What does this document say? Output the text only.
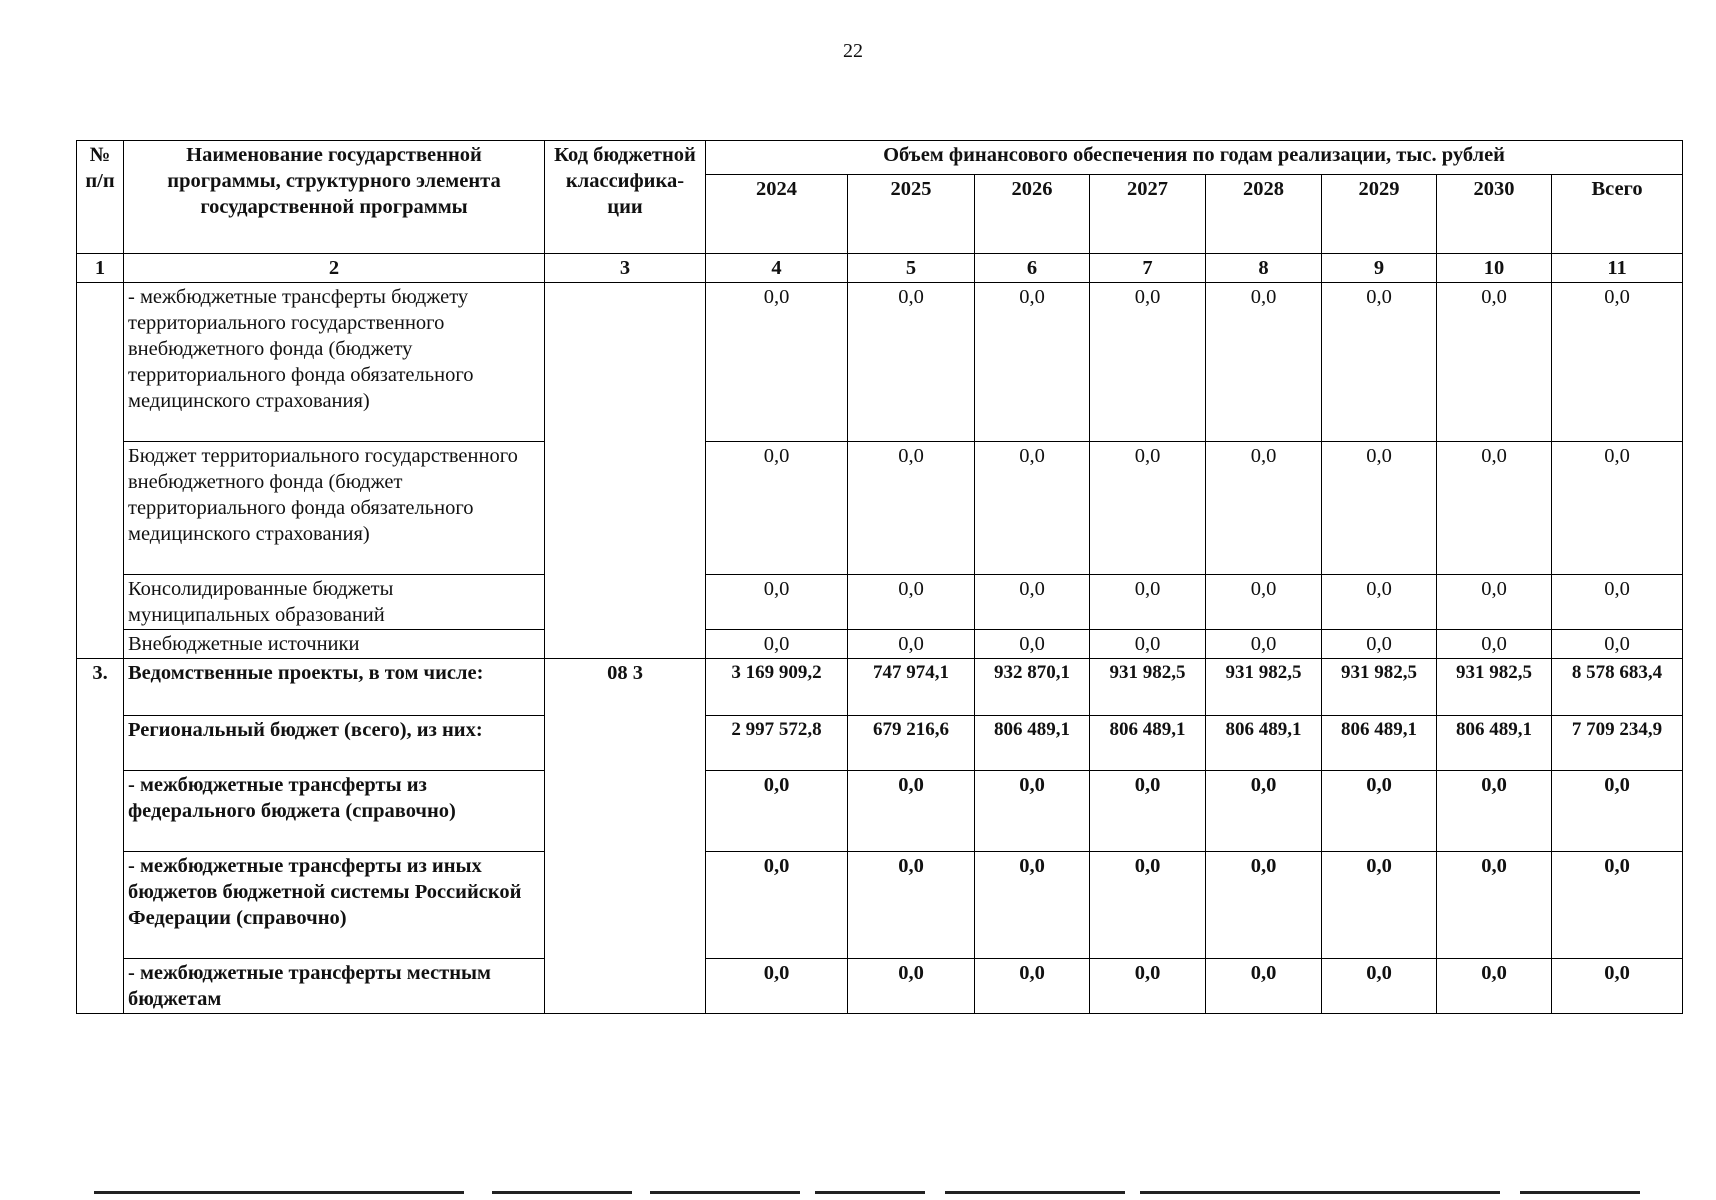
22
№ п/п	Наименование государственной программы, структурного элемента государственной программы	Код бюджетной классифика-ции	Объем финансового обеспечения по годам реализации, тыс. рублей							
			2024	2025	2026	2027	2028	2029	2030	Всего
1	2	3	4	5	6	7	8	9	10	11
	- межбюджетные трансферты бюджету территориального государственного внебюджетного фонда (бюджету территориального фонда обязательного медицинского страхования)		0,0	0,0	0,0	0,0	0,0	0,0	0,0	0,0
	Бюджет территориального государственного внебюджетного фонда (бюджет территориального фонда обязательного медицинского страхования)		0,0	0,0	0,0	0,0	0,0	0,0	0,0	0,0
	Консолидированные бюджеты муниципальных образований		0,0	0,0	0,0	0,0	0,0	0,0	0,0	0,0
	Внебюджетные источники		0,0	0,0	0,0	0,0	0,0	0,0	0,0	0,0
3.	Ведомственные проекты, в том числе:	08 3	3 169 909,2	747 974,1	932 870,1	931 982,5	931 982,5	931 982,5	931 982,5	8 578 683,4
	Региональный бюджет (всего), из них:		2 997 572,8	679 216,6	806 489,1	806 489,1	806 489,1	806 489,1	806 489,1	7 709 234,9
	- межбюджетные трансферты из федерального бюджета (справочно)		0,0	0,0	0,0	0,0	0,0	0,0	0,0	0,0
	- межбюджетные трансферты из иных бюджетов бюджетной системы Российской Федерации (справочно)		0,0	0,0	0,0	0,0	0,0	0,0	0,0	0,0
	- межбюджетные трансферты местным бюджетам		0,0	0,0	0,0	0,0	0,0	0,0	0,0	0,0
